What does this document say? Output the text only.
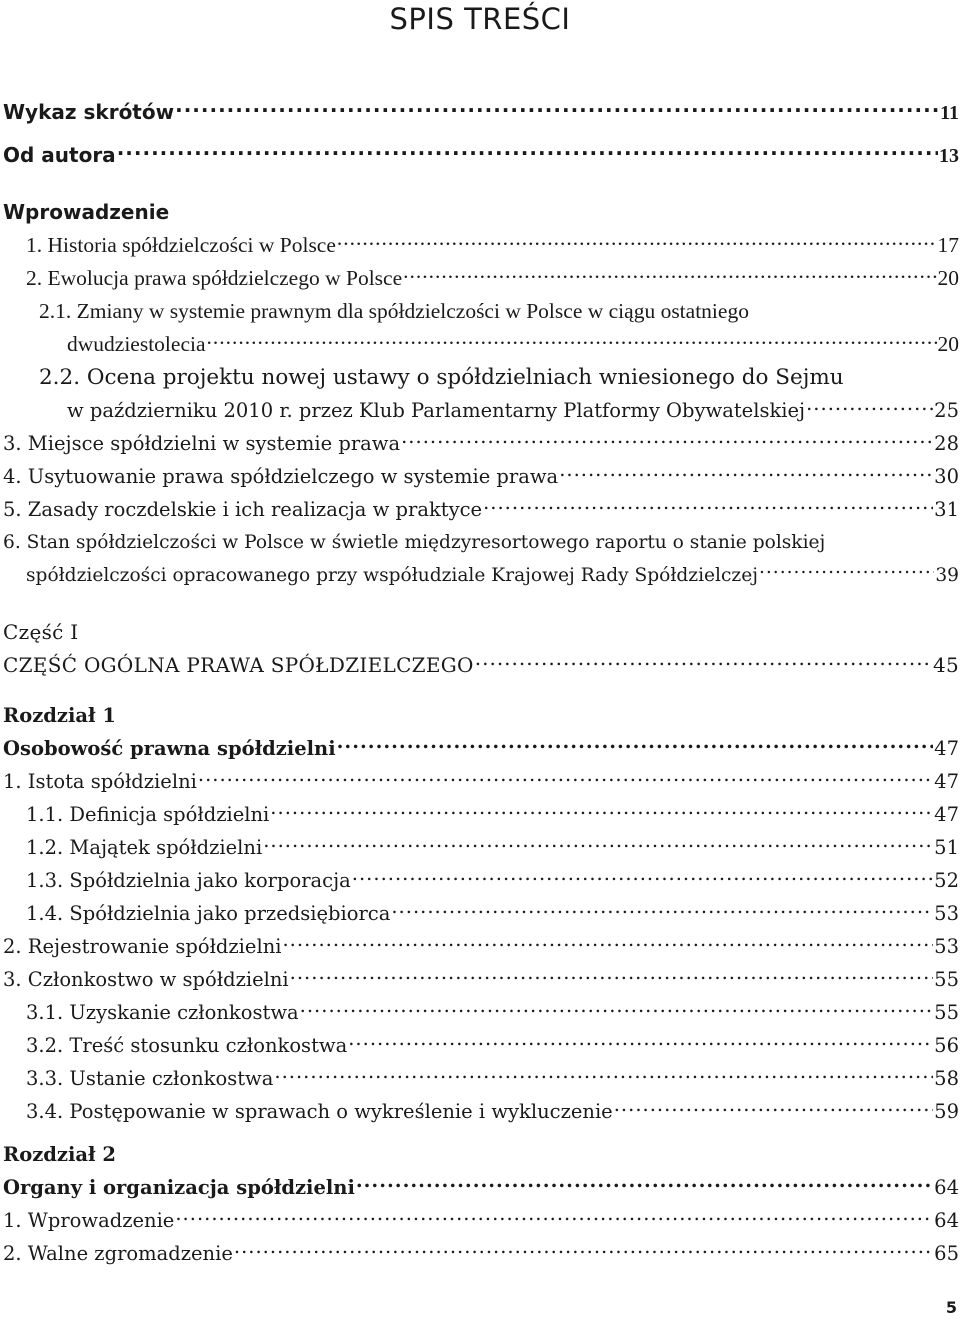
SPIS TREŚCI
Wykaz skrótów .....	11
Od autora .....	13
Wprowadzenie
1. Historia spółdzielczości w Polsce .....	17
2. Ewolucja prawa spółdzielczego w Polsce .....	20
2.1. Zmiany w systemie prawnym dla spółdzielczości w Polsce w ciągu ostatniego
dwudziestolecia .....	20
2.2. Ocena projektu nowej ustawy o spółdzielniach wniesionego do Sejmu
w październiku 2010 r. przez Klub Parlamentarny Platformy Obywatelskiej .....	25
3. Miejsce spółdzielni w systemie prawa .....	28
4. Usytuowanie prawa spółdzielczego w systemie prawa .....	30
5. Zasady roczdelskie i ich realizacja w praktyce .....	31
6. Stan spółdzielczości w Polsce w świetle międzyresortowego raportu o stanie polskiej
spółdzielczości opracowanego przy współudziale Krajowej Rady Spółdzielczej .....	39
Część I
CZĘŚĆ OGÓLNA PRAWA SPÓŁDZIELCZEGO .....	45
Rozdział 1
Osobowość prawna spółdzielni .....	47
1. Istota spółdzielni .....	47
1.1. Definicja spółdzielni .....	47
1.2. Majątek spółdzielni .....	51
1.3. Spółdzielnia jako korporacja .....	52
1.4. Spółdzielnia jako przedsiębiorca .....	53
2. Rejestrowanie spółdzielni .....	53
3. Członkostwo w spółdzielni .....	55
3.1. Uzyskanie członkostwa .....	55
3.2. Treść stosunku członkostwa .....	56
3.3. Ustanie członkostwa .....	58
3.4. Postępowanie w sprawach o wykreślenie i wykluczenie .....	59
Rozdział 2
Organy i organizacja spółdzielni .....	64
1. Wprowadzenie .....	64
2. Walne zgromadzenie .....	65
5
